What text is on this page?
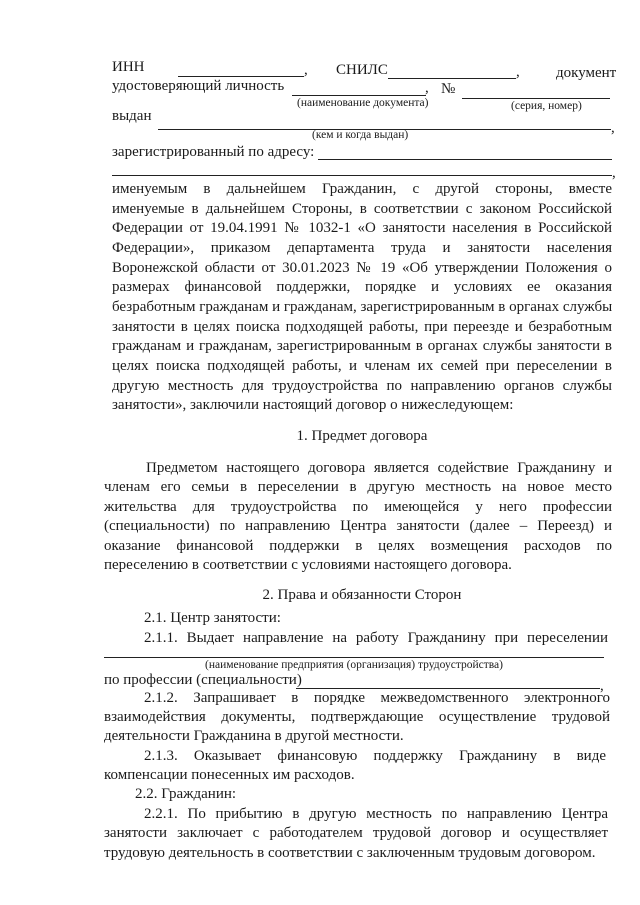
ИНН	, СНИЛС	, документ
удостоверяющий личность	, №
(наименование документа)	(серия, номер)
выдан
,
(кем и когда выдан)
зарегистрированный по адресу:
,
именуемым в дальнейшем Гражданин, с другой стороны, вместе
именуемые в дальнейшем Стороны, в соответствии с законом Российской
Федерации от 19.04.1991 № 1032-1 «О занятости населения в Российской
Федерации», приказом департамента труда и занятости населения
Воронежской области от 30.01.2023 № 19 «Об утверждении Положения о
размерах финансовой поддержки, порядке и условиях ее оказания
безработным гражданам и гражданам, зарегистрированным в органах службы
занятости в целях поиска подходящей работы, при переезде и безработным
гражданам и гражданам, зарегистрированным в органах службы занятости в
целях поиска подходящей работы, и членам их семей при переселении в
другую местность для трудоустройства по направлению органов службы
занятости», заключили настоящий договор о нижеследующем:
1. Предмет договора
Предметом настоящего договора является содействие Гражданину и
членам его семьи в переселении в другую местность на новое место
жительства для трудоустройства по имеющейся у него профессии
(специальности) по направлению Центра занятости (далее – Переезд) и
оказание финансовой поддержки в целях возмещения расходов по
переселению в соответствии с условиями настоящего договора.
2. Права и обязанности Сторон
2.1. Центр занятости:
2.1.1. Выдает направление на работу Гражданину при переселении
(наименование предприятия (организация) трудоустройства)
по профессии (специальности)	,
2.1.2. Запрашивает в порядке межведомственного электронного
взаимодействия документы, подтверждающие осуществление трудовой
деятельности Гражданина в другой местности.
2.1.3. Оказывает финансовую поддержку Гражданину в виде
компенсации понесенных им расходов.
2.2. Гражданин:
2.2.1. По прибытию в другую местность по направлению Центра
занятости заключает с работодателем трудовой договор и осуществляет
трудовую деятельность в соответствии с заключенным трудовым договором.
